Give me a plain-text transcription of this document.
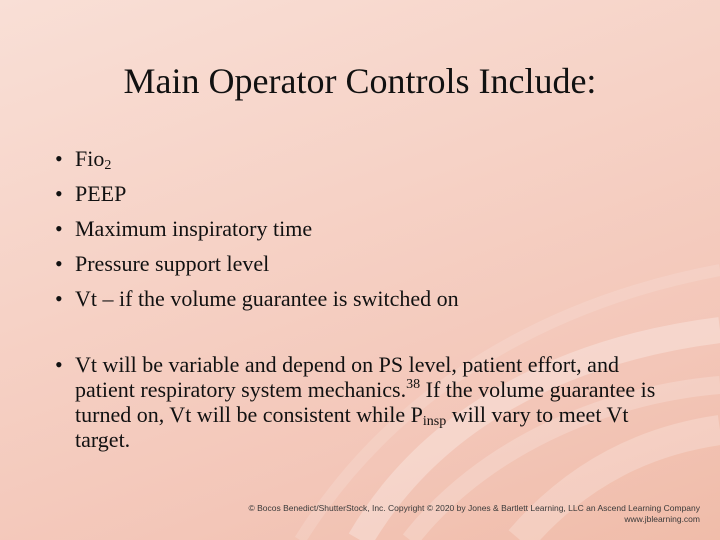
Main Operator Controls Include:
• Fio$_2$
• PEEP
• Maximum inspiratory time
• Pressure support level
• Vt – if the volume guarantee is switched on
• Vt will be variable and depend on PS level, patient effort, and patient respiratory system mechanics.$^{38}$ If the volume guarantee is turned on, Vt will be consistent while $P_{insp}$ will vary to meet Vt target.
© Bocos Benedict/ShutterStock, Inc. Copyright © 2020 by Jones & Bartlett Learning, LLC an Ascend Learning Company
www.jblearning.com
